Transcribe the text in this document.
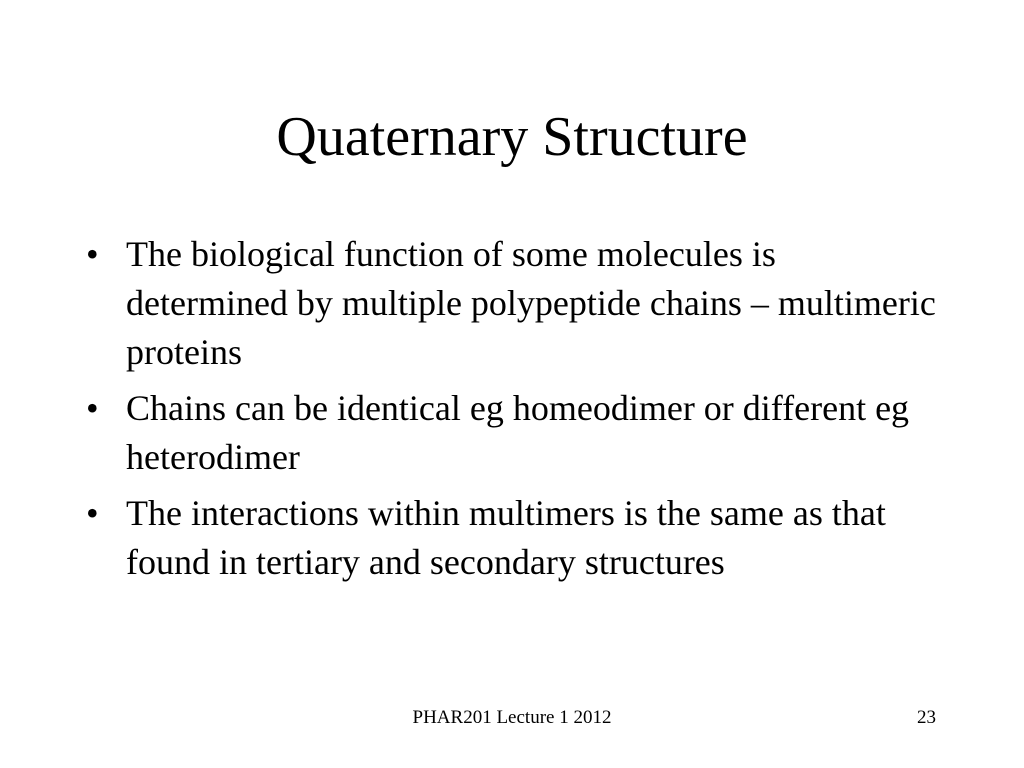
Quaternary Structure
• The biological function of some molecules is determined by multiple polypeptide chains – multimeric proteins
• Chains can be identical eg homeodimer or different eg heterodimer
• The interactions within multimers is the same as that found in tertiary and secondary structures
PHAR201 Lecture 1 2012	23
